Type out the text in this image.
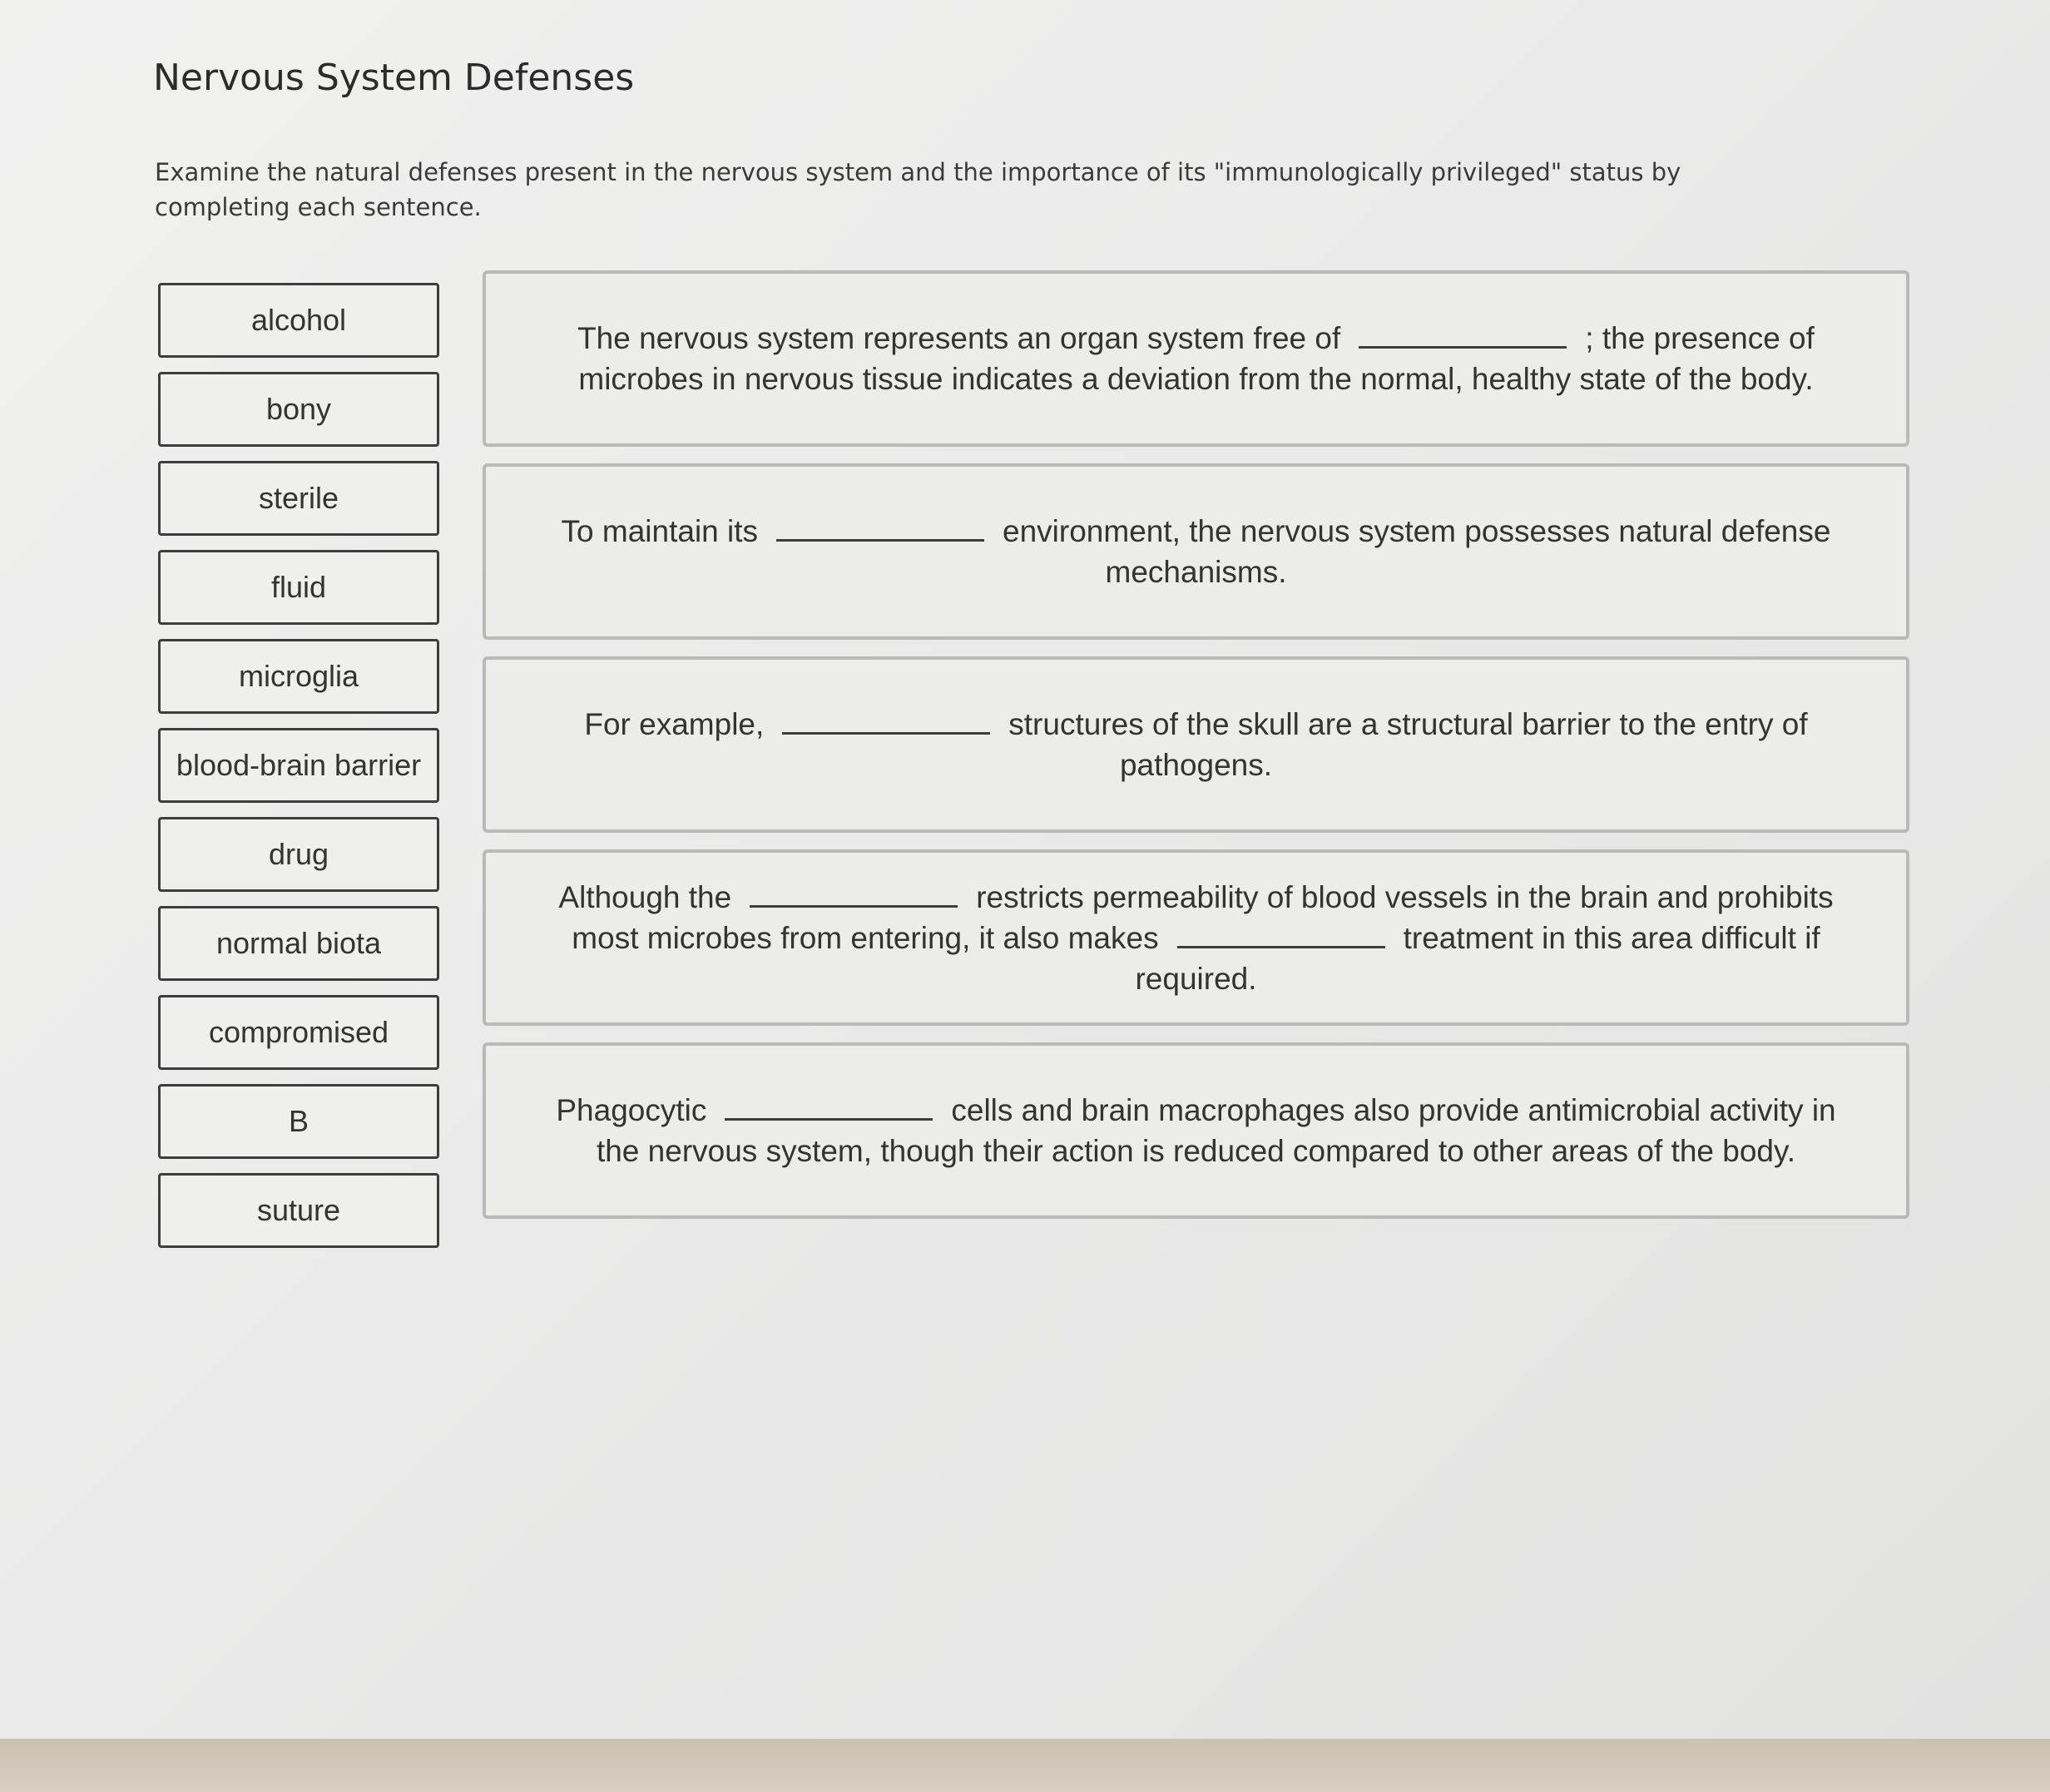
Nervous System Defenses
Examine the natural defenses present in the nervous system and the importance of its "immunologically privileged" status by completing each sentence.
alcohol
bony
sterile
fluid
microglia
blood-brain barrier
drug
normal biota
compromised
B
suture
The nervous system represents an organ system free of	; the presence of microbes in nervous tissue indicates a deviation from the normal, healthy state of the body.
To maintain its	environment, the nervous system possesses natural defense mechanisms.
For example,	structures of the skull are a structural barrier to the entry of pathogens.
Although the	restricts permeability of blood vessels in the brain and prohibits most microbes from entering, it also makes	treatment in this area difficult if required.
Phagocytic	cells and brain macrophages also provide antimicrobial activity in the nervous system, though their action is reduced compared to other areas of the body.
